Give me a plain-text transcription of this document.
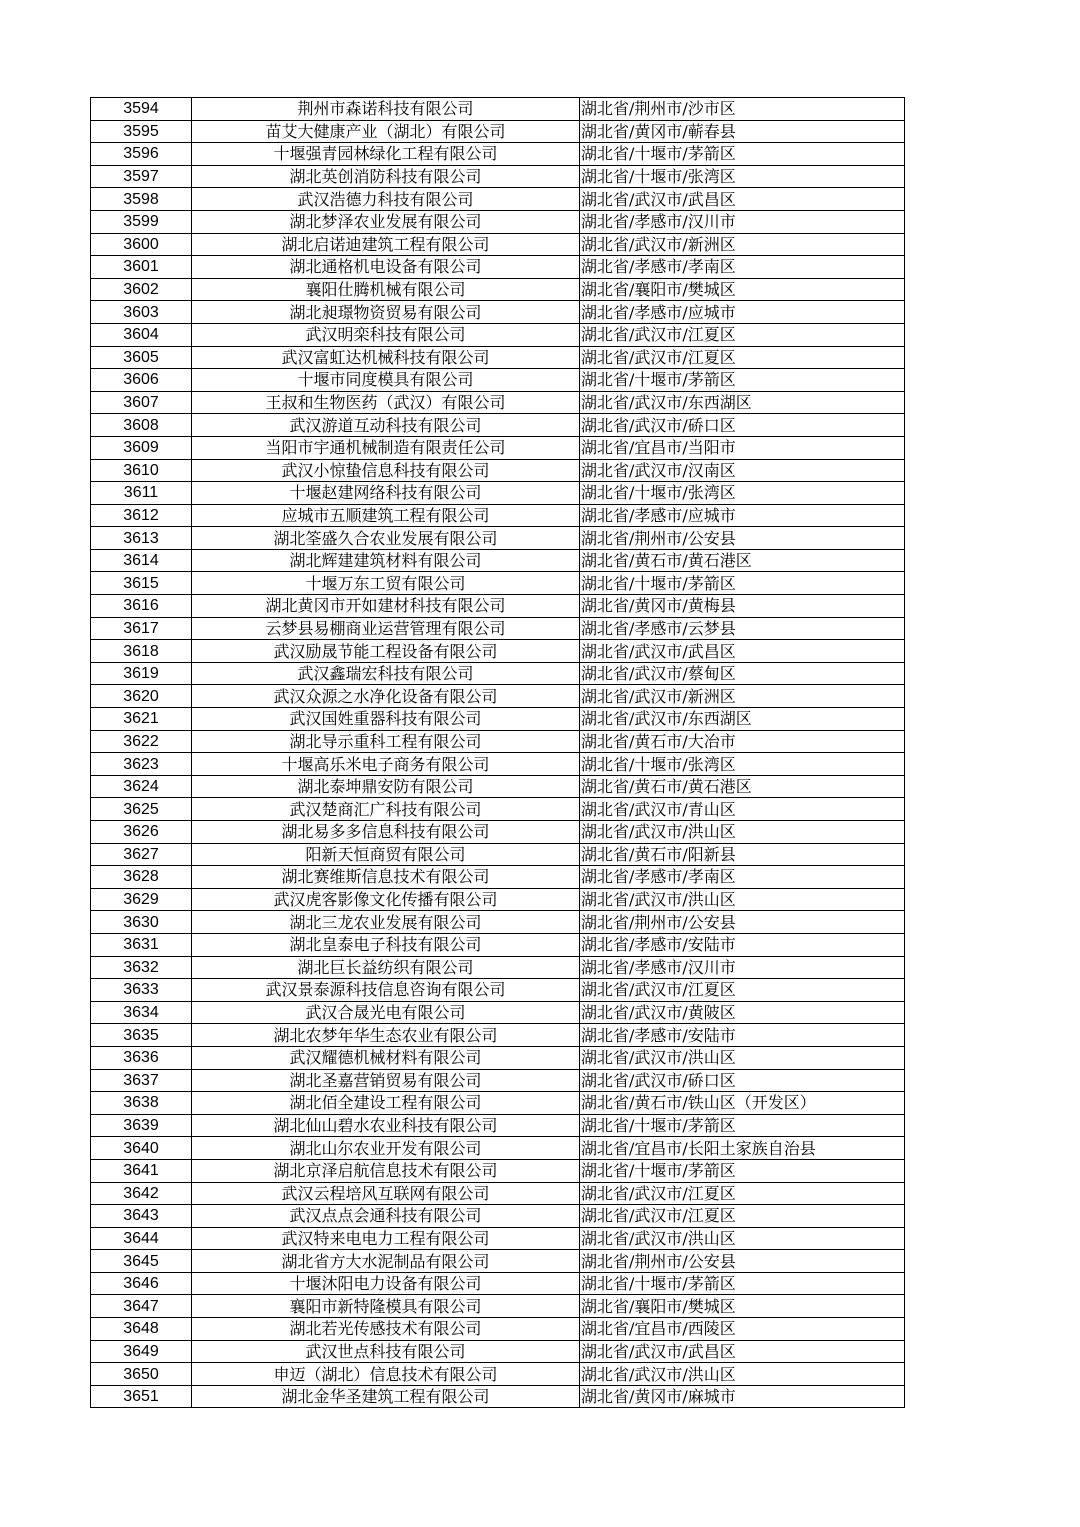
3594	荆州市森诺科技有限公司	湖北省/荆州市/沙市区
3595	苗艾大健康产业（湖北）有限公司	湖北省/黄冈市/蕲春县
3596	十堰强青园林绿化工程有限公司	湖北省/十堰市/茅箭区
3597	湖北英创消防科技有限公司	湖北省/十堰市/张湾区
3598	武汉浩德力科技有限公司	湖北省/武汉市/武昌区
3599	湖北梦泽农业发展有限公司	湖北省/孝感市/汉川市
3600	湖北启诺迪建筑工程有限公司	湖北省/武汉市/新洲区
3601	湖北通格机电设备有限公司	湖北省/孝感市/孝南区
3602	襄阳仕腾机械有限公司	湖北省/襄阳市/樊城区
3603	湖北昶璟物资贸易有限公司	湖北省/孝感市/应城市
3604	武汉明栾科技有限公司	湖北省/武汉市/江夏区
3605	武汉富虹达机械科技有限公司	湖北省/武汉市/江夏区
3606	十堰市同度模具有限公司	湖北省/十堰市/茅箭区
3607	王叔和生物医药（武汉）有限公司	湖北省/武汉市/东西湖区
3608	武汉游道互动科技有限公司	湖北省/武汉市/硚口区
3609	当阳市宇通机械制造有限责任公司	湖北省/宜昌市/当阳市
3610	武汉小惊蛰信息科技有限公司	湖北省/武汉市/汉南区
3611	十堰赵建网络科技有限公司	湖北省/十堰市/张湾区
3612	应城市五顺建筑工程有限公司	湖北省/孝感市/应城市
3613	湖北筌盛久合农业发展有限公司	湖北省/荆州市/公安县
3614	湖北辉建建筑材料有限公司	湖北省/黄石市/黄石港区
3615	十堰万东工贸有限公司	湖北省/十堰市/茅箭区
3616	湖北黄冈市开如建材科技有限公司	湖北省/黄冈市/黄梅县
3617	云梦县易棚商业运营管理有限公司	湖北省/孝感市/云梦县
3618	武汉励晟节能工程设备有限公司	湖北省/武汉市/武昌区
3619	武汉鑫瑞宏科技有限公司	湖北省/武汉市/蔡甸区
3620	武汉众源之水净化设备有限公司	湖北省/武汉市/新洲区
3621	武汉国姓重器科技有限公司	湖北省/武汉市/东西湖区
3622	湖北导示重科工程有限公司	湖北省/黄石市/大冶市
3623	十堰高乐米电子商务有限公司	湖北省/十堰市/张湾区
3624	湖北泰坤鼎安防有限公司	湖北省/黄石市/黄石港区
3625	武汉楚商汇广科技有限公司	湖北省/武汉市/青山区
3626	湖北易多多信息科技有限公司	湖北省/武汉市/洪山区
3627	阳新天恒商贸有限公司	湖北省/黄石市/阳新县
3628	湖北赛维斯信息技术有限公司	湖北省/孝感市/孝南区
3629	武汉虎客影像文化传播有限公司	湖北省/武汉市/洪山区
3630	湖北三龙农业发展有限公司	湖北省/荆州市/公安县
3631	湖北皇泰电子科技有限公司	湖北省/孝感市/安陆市
3632	湖北巨长益纺织有限公司	湖北省/孝感市/汉川市
3633	武汉景泰源科技信息咨询有限公司	湖北省/武汉市/江夏区
3634	武汉合晟光电有限公司	湖北省/武汉市/黄陂区
3635	湖北农梦年华生态农业有限公司	湖北省/孝感市/安陆市
3636	武汉耀德机械材料有限公司	湖北省/武汉市/洪山区
3637	湖北圣嘉营销贸易有限公司	湖北省/武汉市/硚口区
3638	湖北佰全建设工程有限公司	湖北省/黄石市/铁山区（开发区）
3639	湖北仙山碧水农业科技有限公司	湖北省/十堰市/茅箭区
3640	湖北山尔农业开发有限公司	湖北省/宜昌市/长阳土家族自治县
3641	湖北京泽启航信息技术有限公司	湖北省/十堰市/茅箭区
3642	武汉云程培风互联网有限公司	湖北省/武汉市/江夏区
3643	武汉点点会通科技有限公司	湖北省/武汉市/江夏区
3644	武汉特来电电力工程有限公司	湖北省/武汉市/洪山区
3645	湖北省方大水泥制品有限公司	湖北省/荆州市/公安县
3646	十堰沐阳电力设备有限公司	湖北省/十堰市/茅箭区
3647	襄阳市新特隆模具有限公司	湖北省/襄阳市/樊城区
3648	湖北若光传感技术有限公司	湖北省/宜昌市/西陵区
3649	武汉世点科技有限公司	湖北省/武汉市/武昌区
3650	申迈（湖北）信息技术有限公司	湖北省/武汉市/洪山区
3651	湖北金华圣建筑工程有限公司	湖北省/黄冈市/麻城市
